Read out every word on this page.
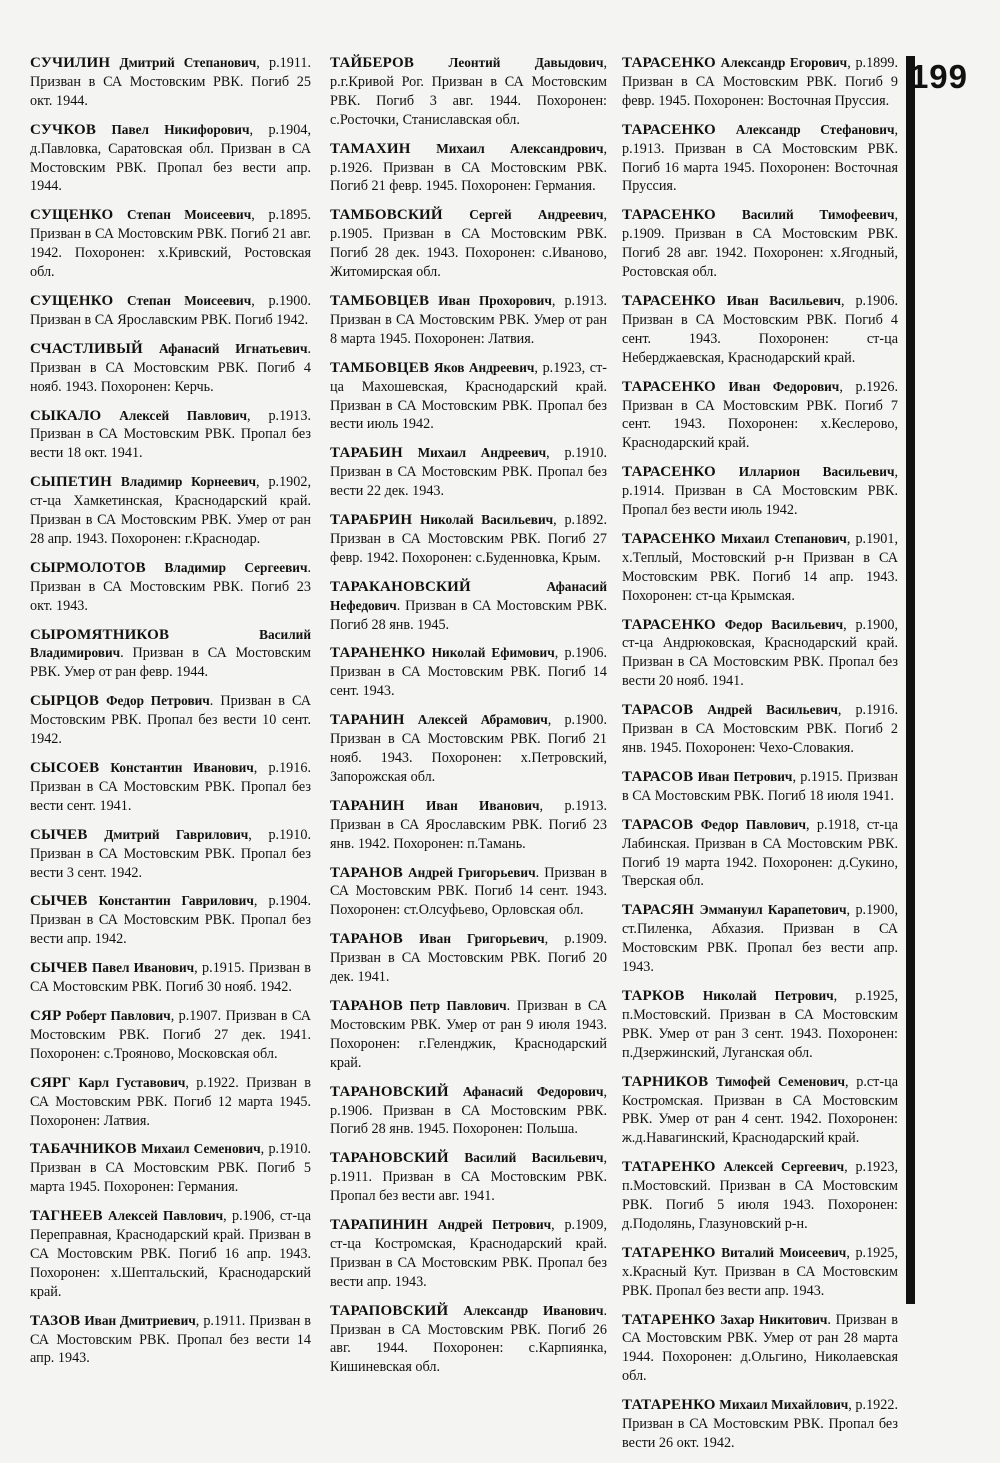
СУЧИЛИН Дмитрий Степанович, р.1911. Призван в СА Мостовским РВК. Погиб 25 окт. 1944.

СУЧКОВ Павел Никифорович, р.1904, д.Павловка, Саратовская обл. Призван в СА Мостовским РВК. Пропал без вести апр. 1944.

СУЩЕНКО Степан Моисеевич, р.1895. Призван в СА Мостовским РВК. Погиб 21 авг. 1942. Похоронен: х.Кривский, Ростовская обл.

СУЩЕНКО Степан Моисеевич, р.1900. Призван в СА Ярославским РВК. Погиб 1942.

СЧАСТЛИВЫЙ Афанасий Игнатьевич. Призван в СА Мостовским РВК. Погиб 4 нояб. 1943. Похоронен: Керчь.

СЫКАЛО Алексей Павлович, р.1913. Призван в СА Мостовским РВК. Пропал без вести 18 окт. 1941.

СЫПЕТИН Владимир Корнеевич, р.1902, ст-ца Хамкетинская, Краснодарский край. Призван в СА Мостовским РВК. Умер от ран 28 апр. 1943. Похоронен: г.Краснодар.

СЫРМОЛОТОВ Владимир Сергеевич. Призван в СА Мостовским РВК. Погиб 23 окт. 1943.

СЫРОМЯТНИКОВ	Василий Владимирович. Призван в СА Мостовским РВК. Умер от ран февр. 1944.

СЫРЦОВ Федор Петрович. Призван в СА Мостовским РВК. Пропал без вести 10 сент. 1942.

СЫСОЕВ Константин Иванович, р.1916. Призван в СА Мостовским РВК. Пропал без вести сент. 1941.

СЫЧЕВ Дмитрий Гаврилович, р.1910. Призван в СА Мостовским РВК. Пропал без вести 3 сент. 1942.

СЫЧЕВ Константин Гаврилович, р.1904. Призван в СА Мостовским РВК. Пропал без вести апр. 1942.

СЫЧЕВ Павел Иванович, р.1915. Призван в СА Мостовским РВК. Погиб 30 нояб. 1942.

СЯР Роберт Павлович, р.1907. Призван в СА Мостовским РВК. Погиб 27 дек. 1941. Похоронен: с.Трояново, Московская обл.

СЯРГ Карл Густавович, р.1922. Призван в СА Мостовским РВК. Погиб 12 марта 1945. Похоронен: Латвия.

ТАБАЧНИКОВ Михаил Семенович, р.1910. Призван в СА Мостовским РВК. Погиб 5 марта 1945. Похоронен: Германия.

ТАГНЕЕВ Алексей Павлович, р.1906, ст-ца Переправная, Краснодарский край. Призван в СА Мостовским РВК. Погиб 16 апр. 1943. Похоронен: х.Шептальский, Краснодарский край.

ТАЗОВ Иван Дмитриевич, р.1911. Призван в СА Мостовским РВК. Пропал без вести 14 апр. 1943.

ТАЙБЕРОВ	Леонтий Давыдович, р.г.Кривой Рог. Призван в СА Мостовским РВК. Погиб 3 авг. 1944. Похоронен: с.Росточки, Станиславская обл.

ТАМАХИН Михаил Александрович, р.1926. Призван в СА Мостовским РВК. Погиб 21 февр. 1945. Похоронен: Германия.

ТАМБОВСКИЙ Сергей Андреевич, р.1905. Призван в СА Мостовским РВК. Погиб 28 дек. 1943. Похоронен: с.Иваново, Житомирская обл.

ТАМБОВЦЕВ Иван Прохорович, р.1913. Призван в СА Мостовским РВК. Умер от ран 8 марта 1945. Похоронен: Латвия.

ТАМБОВЦЕВ Яков Андреевич, р.1923, ст-ца Махошевская, Краснодарский край. Призван в СА Мостовским РВК. Пропал без вести июль 1942.

ТАРАБИН Михаил Андреевич, р.1910. Призван в СА Мостовским РВК. Пропал без вести 22 дек. 1943.

ТАРАБРИН Николай Васильевич, р.1892. Призван в СА Мостовским РВК. Погиб 27 февр. 1942. Похоронен: с.Буденновка, Крым.

ТАРАКАНОВСКИЙ	Афанасий Нефедович. Призван в СА Мостовским РВК. Погиб 28 янв. 1945.

ТАРАНЕНКО Николай Ефимович, р.1906. Призван в СА Мостовским РВК. Погиб 14 сент. 1943.

ТАРАНИН Алексей Абрамович, р.1900. Призван в СА Мостовским РВК. Погиб 21 нояб. 1943. Похоронен: х.Петровский, Запорожская обл.

ТАРАНИН Иван Иванович, р.1913. Призван в СА Ярославским РВК. Погиб 23 янв. 1942. Похоронен: п.Тамань.

ТАРАНОВ Андрей Григорьевич. Призван в СА Мостовским РВК. Погиб 14 сент. 1943. Похоронен: ст.Олсуфьево, Орловская обл.

ТАРАНОВ Иван Григорьевич, р.1909. Призван в СА Мостовским РВК. Погиб 20 дек. 1941.

ТАРАНОВ Петр Павлович. Призван в СА Мостовским РВК. Умер от ран 9 июля 1943. Похоронен: г.Геленджик, Краснодарский край.

ТАРАНОВСКИЙ Афанасий Федорович, р.1906. Призван в СА Мостовским РВК. Погиб 28 янв. 1945. Похоронен: Польша.

ТАРАНОВСКИЙ Василий Васильевич, р.1911. Призван в СА Мостовским РВК. Пропал без вести авг. 1941.

ТАРАПИНИН Андрей Петрович, р.1909, ст-ца Костромская, Краснодарский край. Призван в СА Мостовским РВК. Пропал без вести апр. 1943.

ТАРАПОВСКИЙ Александр Иванович. Призван в СА Мостовским РВК. Погиб 26 авг. 1944. Похоронен: с.Карпиянка, Кишиневская обл.

ТАРАСЕНКО Александр Егорович, р.1899. Призван в СА Мостовским РВК. Погиб 9 февр. 1945. Похоронен: Восточная Пруссия.

ТАРАСЕНКО Александр Стефанович, р.1913. Призван в СА Мостовским РВК. Погиб 16 марта 1945. Похоронен: Восточная Пруссия.

ТАРАСЕНКО Василий Тимофеевич, р.1909. Призван в СА Мостовским РВК. Погиб 28 авг. 1942. Похоронен: х.Ягодный, Ростовская обл.

ТАРАСЕНКО Иван Васильевич, р.1906. Призван в СА Мостовским РВК. Погиб 4 сент. 1943. Похоронен: ст-ца Неберджаевская, Краснодарский край.

ТАРАСЕНКО Иван Федорович, р.1926. Призван в СА Мостовским РВК. Погиб 7 сент. 1943. Похоронен: х.Кеслерово, Краснодарский край.

ТАРАСЕНКО Илларион Васильевич, р.1914. Призван в СА Мостовским РВК. Пропал без вести июль 1942.

ТАРАСЕНКО Михаил Степанович, р.1901, х.Теплый, Мостовский р-н Призван в СА Мостовским РВК. Погиб 14 апр. 1943. Похоронен: ст-ца Крымская.

ТАРАСЕНКО Федор Васильевич, р.1900, ст-ца Андрюковская, Краснодарский край. Призван в СА Мостовским РВК. Пропал без вести 20 нояб. 1941.

ТАРАСОВ Андрей Васильевич, р.1916. Призван в СА Мостовским РВК. Погиб 2 янв. 1945. Похоронен: Чехо-Словакия.

ТАРАСОВ Иван Петрович, р.1915. Призван в СА Мостовским РВК. Погиб 18 июля 1941.

ТАРАСОВ Федор Павлович, р.1918, ст-ца Лабинская. Призван в СА Мостовским РВК. Погиб 19 марта 1942. Похоронен: д.Сукино, Тверская обл.

ТАРАСЯН Эммануил Карапетович, р.1900, ст.Пиленка, Абхазия. Призван в СА Мостовским РВК. Пропал без вести апр. 1943.

ТАРКОВ Николай Петрович, р.1925, п.Мостовский. Призван в СА Мостовским РВК. Умер от ран 3 сент. 1943. Похоронен: п.Дзержинский, Луганская обл.

ТАРНИКОВ Тимофей Семенович, р.ст-ца Костромская. Призван в СА Мостовским РВК. Умер от ран 4 сент. 1942. Похоронен: ж.д.Навагинский, Краснодарский край.

ТАТАРЕНКО Алексей Сергеевич, р.1923, п.Мостовский. Призван в СА Мостовским РВК. Погиб 5 июля 1943. Похоронен: д.Подолянь, Глазуновский р-н.

ТАТАРЕНКО Виталий Моисеевич, р.1925, х.Красный Кут. Призван в СА Мостовским РВК. Пропал без вести апр. 1943.

ТАТАРЕНКО Захар Никитович. Призван в СА Мостовским РВК. Умер от ран 28 марта 1944. Похоронен: д.Ольгино, Николаевская обл.

ТАТАРЕНКО Михаил Михайлович, р.1922. Призван в СА Мостовским РВК. Пропал без вести 26 окт. 1942.

199
